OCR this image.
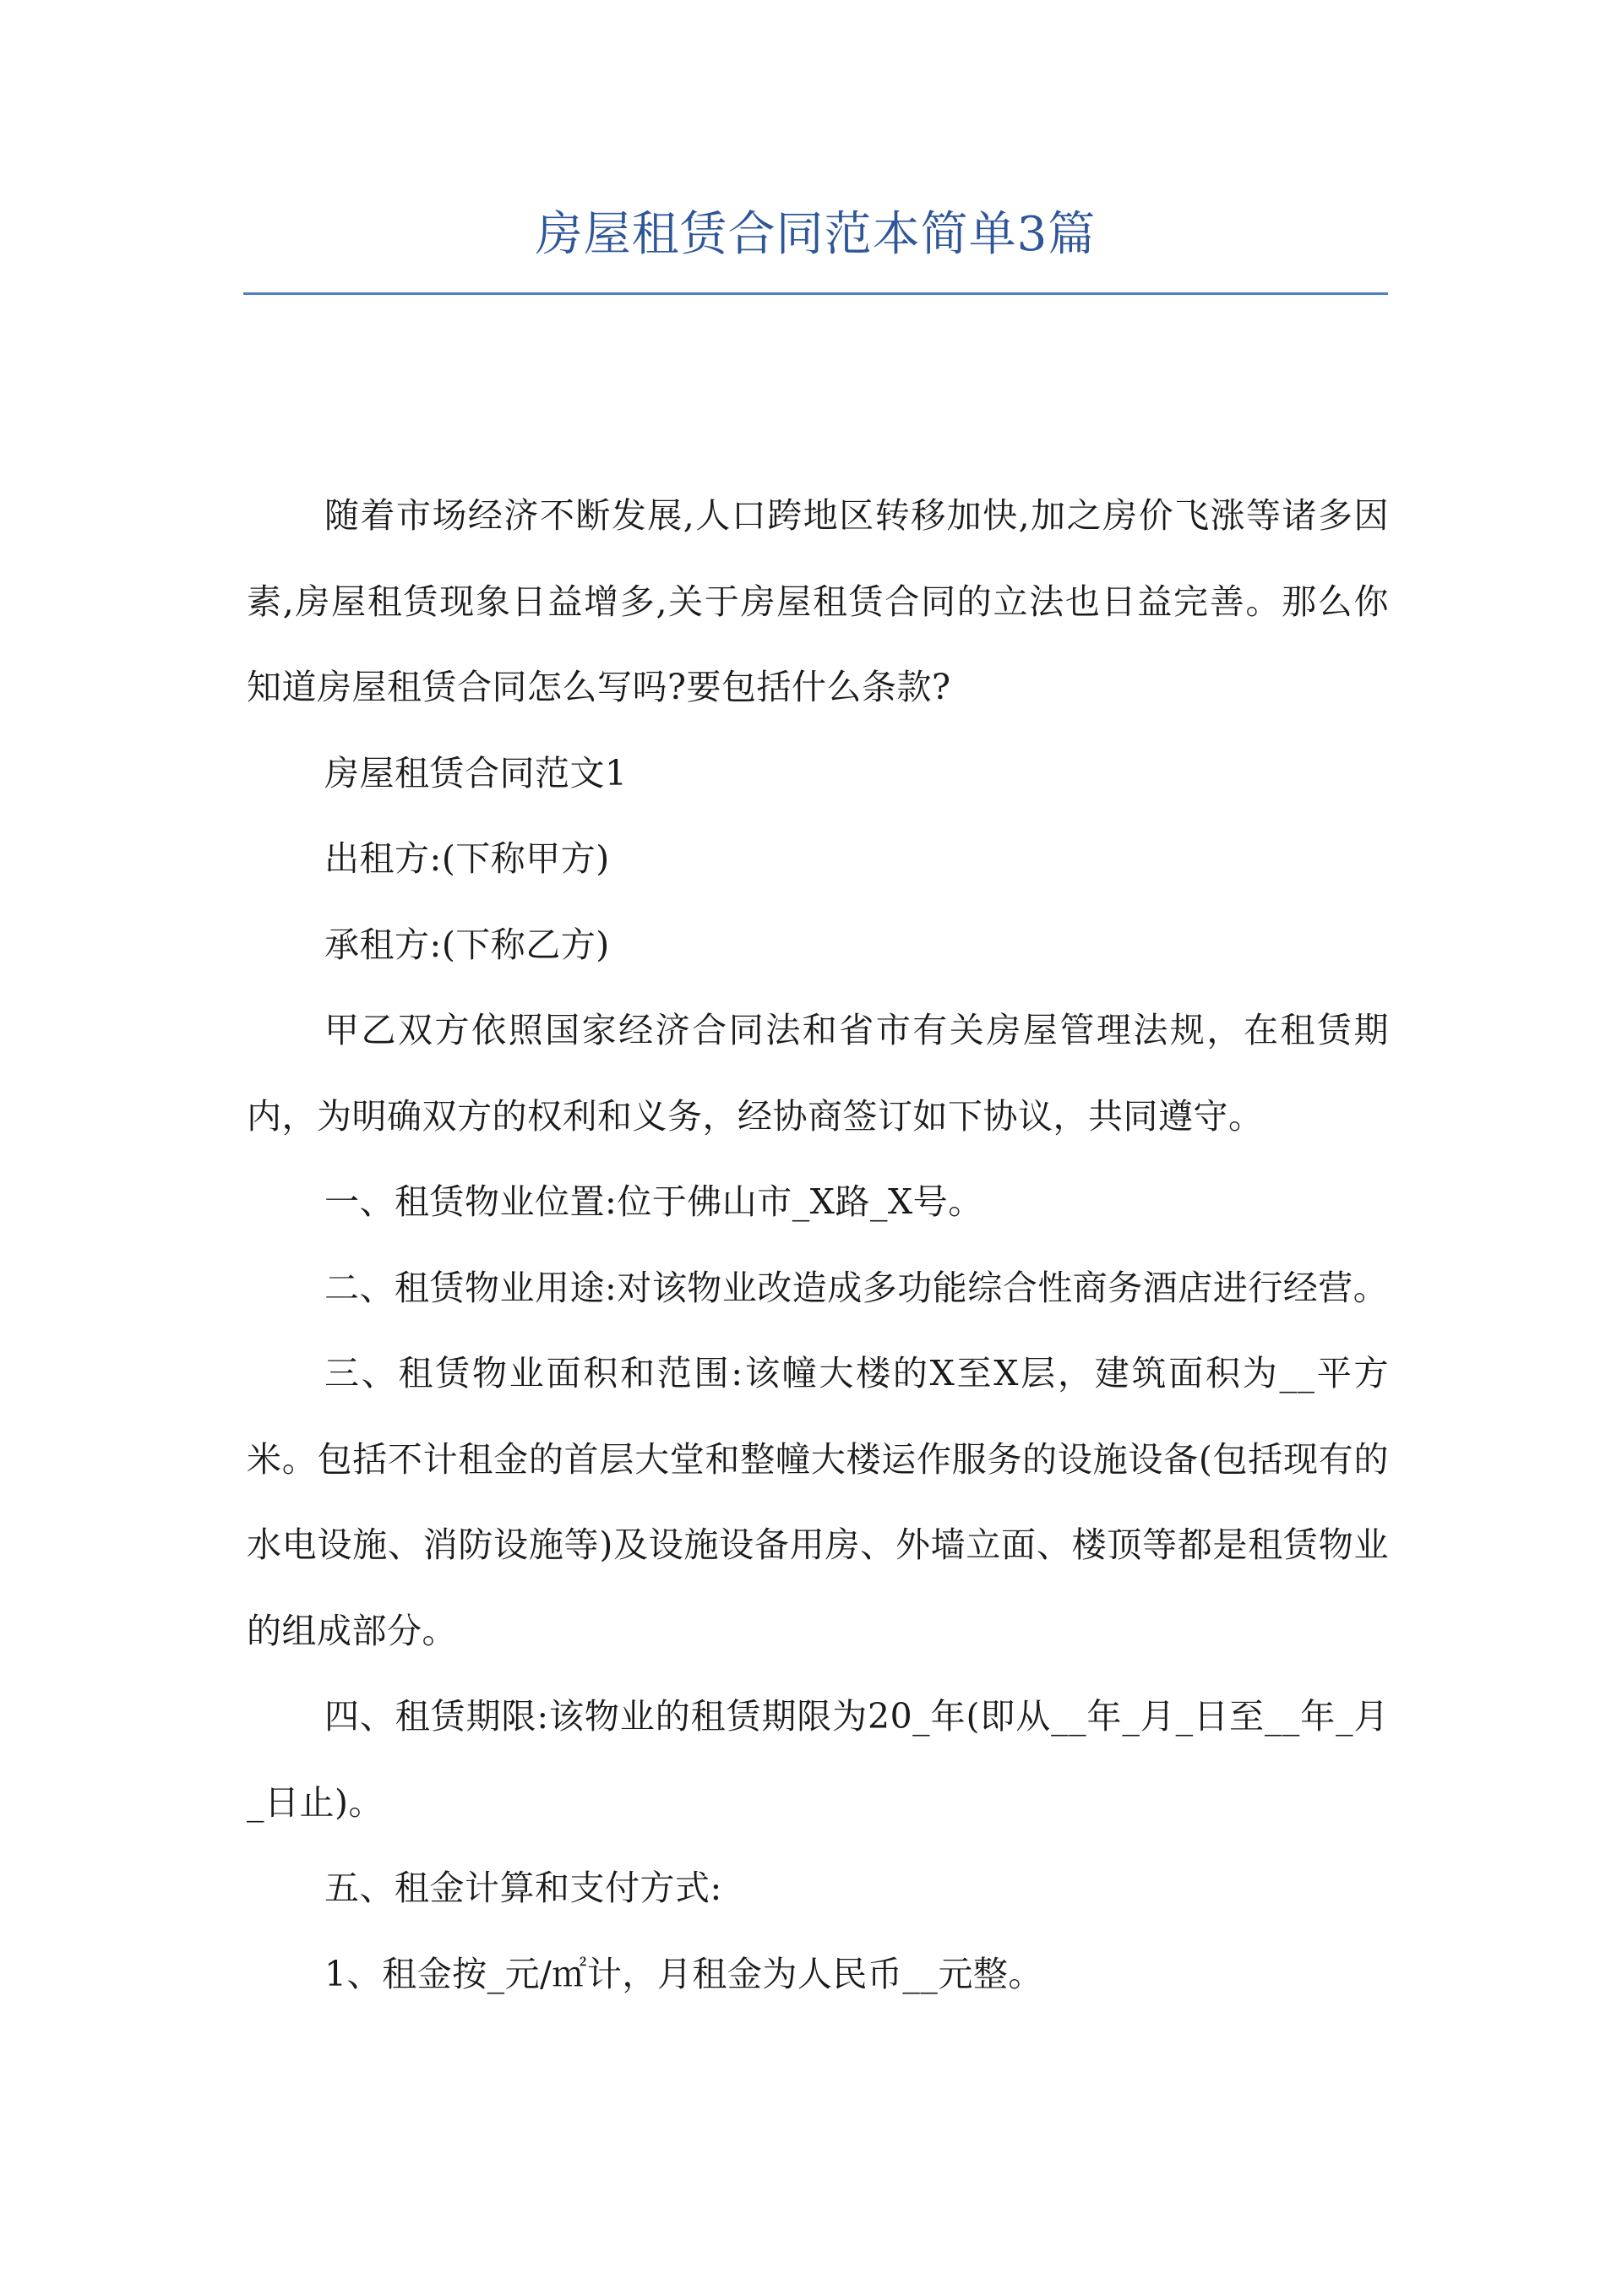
房屋租赁合同范本简单3篇

随着市场经济不断发展,人口跨地区转移加快,加之房价飞涨等诸多因素,房屋租赁现象日益增多,关于房屋租赁合同的立法也日益完善。那么你知道房屋租赁合同怎么写吗?要包括什么条款?

房屋租赁合同范文1

出租方:(下称甲方)

承租方:(下称乙方)

甲乙双方依照国家经济合同法和省市有关房屋管理法规，在租赁期内，为明确双方的权利和义务，经协商签订如下协议，共同遵守。

一、租赁物业位置:位于佛山市_X路_X号。

二、租赁物业用途:对该物业改造成多功能综合性商务酒店进行经营。

三、租赁物业面积和范围:该幢大楼的X至X层，建筑面积为__平方米。包括不计租金的首层大堂和整幢大楼运作服务的设施设备(包括现有的水电设施、消防设施等)及设施设备用房、外墙立面、楼顶等都是租赁物业的组成部分。

四、租赁期限:该物业的租赁期限为20_年(即从__年_月_日至__年_月_日止)。

五、租金计算和支付方式:

1、租金按_元/㎡计，月租金为人民币__元整。
